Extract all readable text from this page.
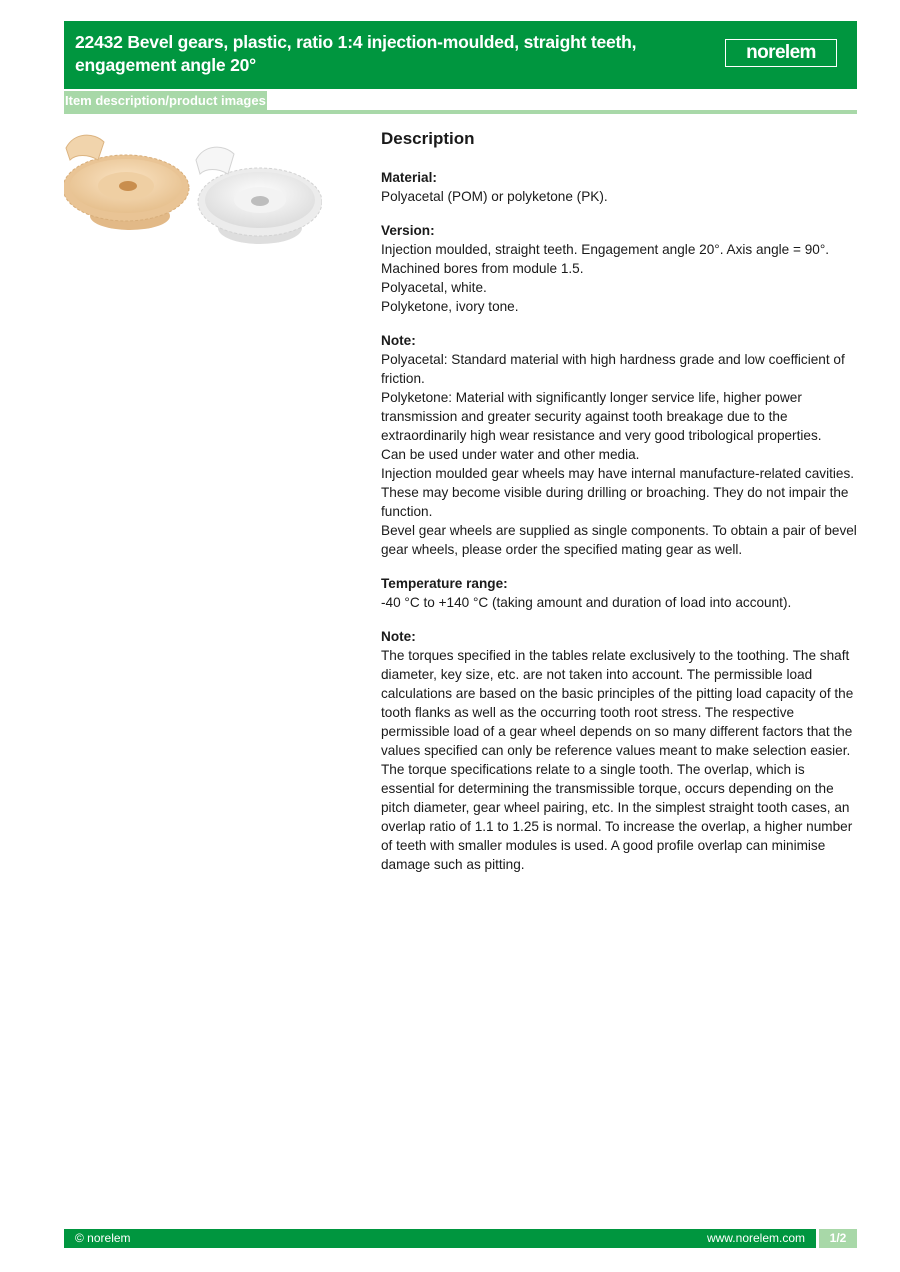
22432 Bevel gears, plastic, ratio 1:4 injection-moulded, straight teeth, engagement angle 20°
norelem
Item description/product images
Description
Material:

Polyacetal (POM) or polyketone (PK).

Version:

Injection moulded, straight teeth. Engagement angle 20°. Axis angle = 90°.

Machined bores from module 1.5.

Polyacetal, white.

Polyketone, ivory tone.

Note:

Polyacetal: Standard material with high hardness grade and low coefficient of friction.

Polyketone: Material with significantly longer service life, higher power transmission and greater security against tooth breakage due to the extraordinarily high wear resistance and very good tribological properties.

Can be used under water and other media.

Injection moulded gear wheels may have internal manufacture-related cavities. These may become visible during drilling or broaching. They do not impair the function.

Bevel gear wheels are supplied as single components. To obtain a pair of bevel gear wheels, please order the specified mating gear as well.

Temperature range:

-40 °C to +140 °C (taking amount and duration of load into account).

Note:

The torques specified in the tables relate exclusively to the toothing. The shaft diameter, key size, etc. are not taken into account. The permissible load calculations are based on the basic principles of the pitting load capacity of the tooth flanks as well as the occurring tooth root stress. The respective permissible load of a gear wheel depends on so many different factors that the values specified can only be reference values meant to make selection easier. The torque specifications relate to a single tooth. The overlap, which is essential for determining the transmissible torque, occurs depending on the pitch diameter, gear wheel pairing, etc. In the simplest straight tooth cases, an overlap ratio of 1.1 to 1.25 is normal. To increase the overlap, a higher number of teeth with smaller modules is used. A good profile overlap can minimise damage such as pitting.

© norelem	www.norelem.com	1/2
